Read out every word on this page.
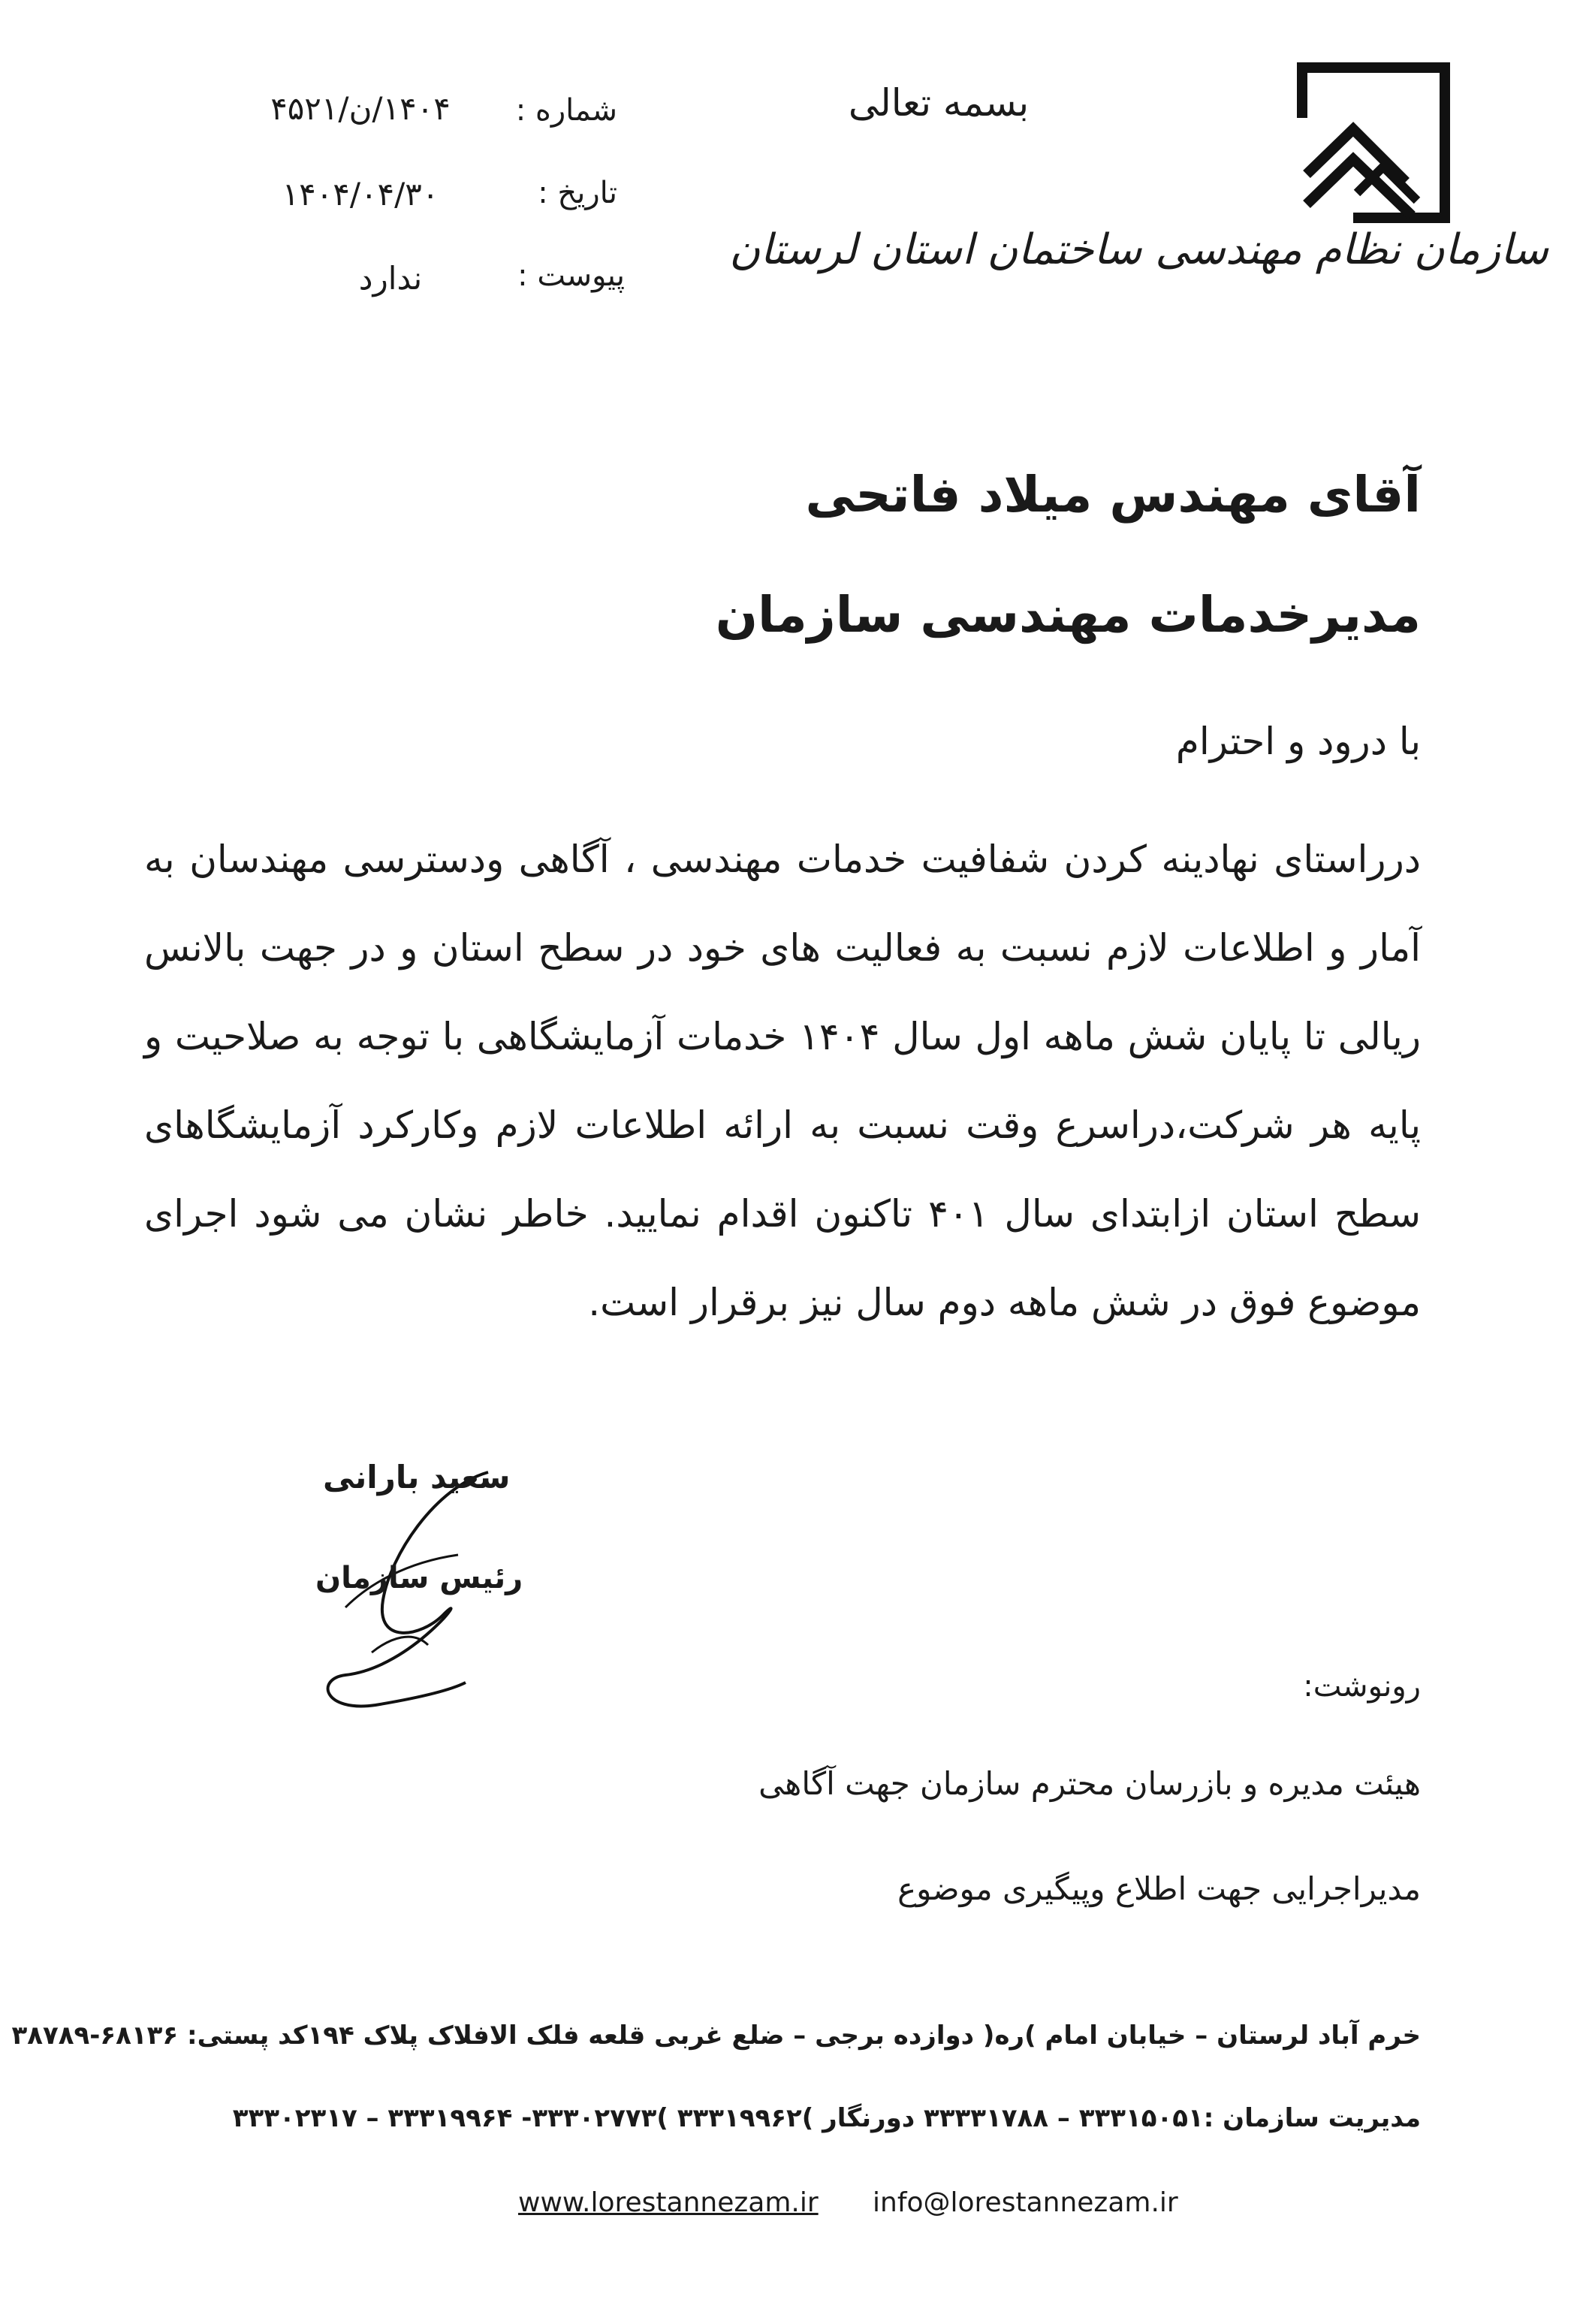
سازمان نظام مهندسی ساختمان استان لرستان
بسمه تعالی
شماره :
۱۴۰۴/ن/۴۵۲۱
تاریخ :
۱۴۰۴/۰۴/۳۰
پیوست :
ندارد
آقای مهندس میلاد فاتحی
مدیرخدمات مهندسی سازمان
با درود و احترام
درراستای نهادینه کردن شفافیت خدمات مهندسی ، آگاهی ودسترسی مهندسان به آمار و اطلاعات لازم نسبت به فعالیت های خود در سطح استان و در جهت بالانس ریالی تا پایان شش ماهه اول سال ۱۴۰۴ خدمات آزمایشگاهی با توجه به صلاحیت و پایه هر شرکت،دراسرع وقت نسبت به ارائه اطلاعات لازم وکارکرد آزمایشگاهای سطح استان ازابتدای سال ۴۰۱ تاکنون اقدام نمایید. خاطر نشان می شود اجرای موضوع فوق در شش ماهه دوم سال نیز برقرار است.
سعید بارانی
رئیس سازمان
رونوشت:
هیئت مدیره و بازرسان محترم سازمان جهت آگاهی
مدیراجرایی جهت اطلاع وپیگیری موضوع
خرم آباد لرستان – خیابان امام )ره( دوازده برجی – ضلع غربی قلعه فلک الافلاک پلاک ۱۹۴کد پستی: ۶۸۱۳۶-۳۸۷۸۹
مدیریت سازمان :۳۳۳۱۵۰۵۱ – ۳۳۳۳۱۷۸۸ دورنگار )۳۳۳۱۹۹۶۲ )۳۳۳۰۲۷۷۳- ۳۳۳۱۹۹۶۴ – ۳۳۳۰۲۳۱۷
www.lorestannezam.ir info@lorestannezam.ir
